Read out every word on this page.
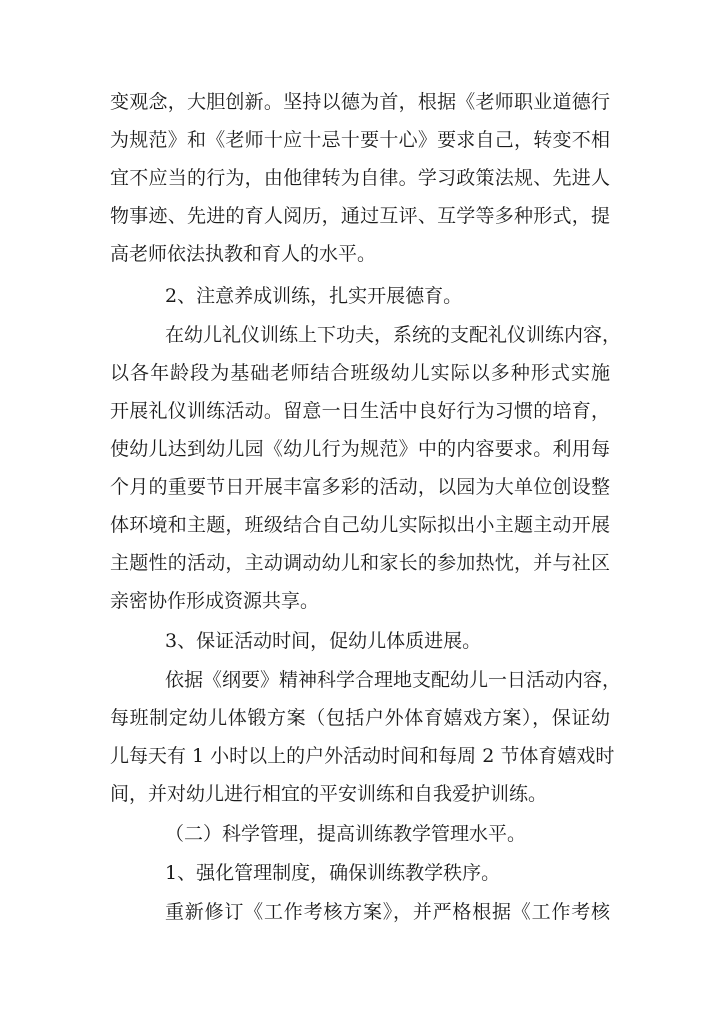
变观念，大胆创新。坚持以德为首，根据《老师职业道德行
为规范》和《老师十应十忌十要十心》要求自己，转变不相
宜不应当的行为，由他律转为自律。学习政策法规、先进人
物事迹、先进的育人阅历，通过互评、互学等多种形式，提
高老师依法执教和育人的水平。
2、注意养成训练，扎实开展德育。
在幼儿礼仪训练上下功夫，系统的支配礼仪训练内容，
以各年龄段为基础老师结合班级幼儿实际以多种形式实施
开展礼仪训练活动。留意一日生活中良好行为习惯的培育，
使幼儿达到幼儿园《幼儿行为规范》中的内容要求。利用每
个月的重要节日开展丰富多彩的活动，以园为大单位创设整
体环境和主题，班级结合自己幼儿实际拟出小主题主动开展
主题性的活动，主动调动幼儿和家长的参加热忱，并与社区
亲密协作形成资源共享。
3、保证活动时间，促幼儿体质进展。
依据《纲要》精神科学合理地支配幼儿一日活动内容，
每班制定幼儿体锻方案（包括户外体育嬉戏方案），保证幼
儿每天有 1 小时以上的户外活动时间和每周 2 节体育嬉戏时
间，并对幼儿进行相宜的平安训练和自我爱护训练。
（二）科学管理，提高训练教学管理水平。
1、强化管理制度，确保训练教学秩序。
重新修订《工作考核方案》，并严格根据《工作考核
